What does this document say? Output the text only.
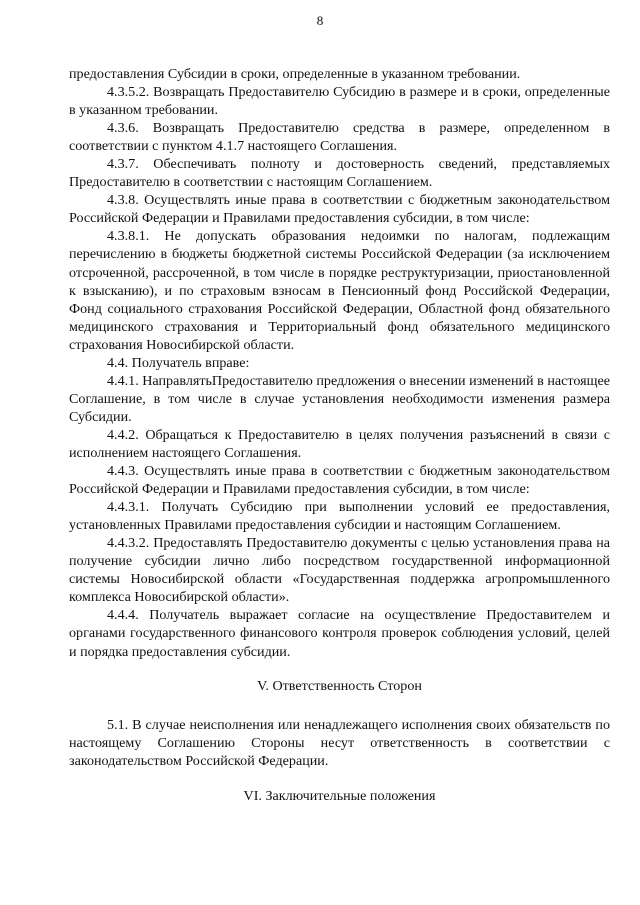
8

предоставления Субсидии в сроки, определенные в указанном требовании.

4.3.5.2. Возвращать Предоставителю Субсидию в размере и в сроки, определенные в указанном требовании.

4.3.6. Возвращать Предоставителю средства в размере, определенном в соответствии с пунктом 4.1.7 настоящего Соглашения.

4.3.7. Обеспечивать полноту и достоверность сведений, представляемых Предоставителю в соответствии с настоящим Соглашением.

4.3.8. Осуществлять иные права в соответствии с бюджетным законодательством Российской Федерации и Правилами предоставления субсидии, в том числе:

4.3.8.1. Не допускать образования недоимки по налогам, подлежащим перечислению в бюджеты бюджетной системы Российской Федерации (за исключением отсроченной, рассроченной, в том числе в порядке реструктуризации, приостановленной к взысканию), и по страховым взносам в Пенсионный фонд Российской Федерации, Фонд социального страхования Российской Федерации, Областной фонд обязательного медицинского страхования и Территориальный фонд обязательного медицинского страхования Новосибирской области.

4.4. Получатель вправе:

4.4.1. НаправлятьПредоставителю предложения о внесении изменений в настоящее Соглашение, в том числе в случае установления необходимости изменения размера Субсидии.

4.4.2. Обращаться к Предоставителю в целях получения разъяснений в связи с исполнением настоящего Соглашения.

4.4.3. Осуществлять иные права в соответствии с бюджетным законодательством Российской Федерации и Правилами предоставления субсидии, в том числе:

4.4.3.1. Получать Субсидию при выполнении условий ее предоставления, установленных Правилами предоставления субсидии и настоящим Соглашением.

4.4.3.2. Предоставлять Предоставителю документы с целью установления права на получение субсидии лично либо посредством государственной информационной системы Новосибирской области «Государственная поддержка агропромышленного комплекса Новосибирской области».

4.4.4. Получатель выражает согласие на осуществление Предоставителем и органами государственного финансового контроля проверок соблюдения условий, целей и порядка предоставления субсидии.

V. Ответственность Сторон

5.1. В случае неисполнения или ненадлежащего исполнения своих обязательств по настоящему Соглашению Стороны несут ответственность в соответствии с законодательством Российской Федерации.

VI. Заключительные положения
